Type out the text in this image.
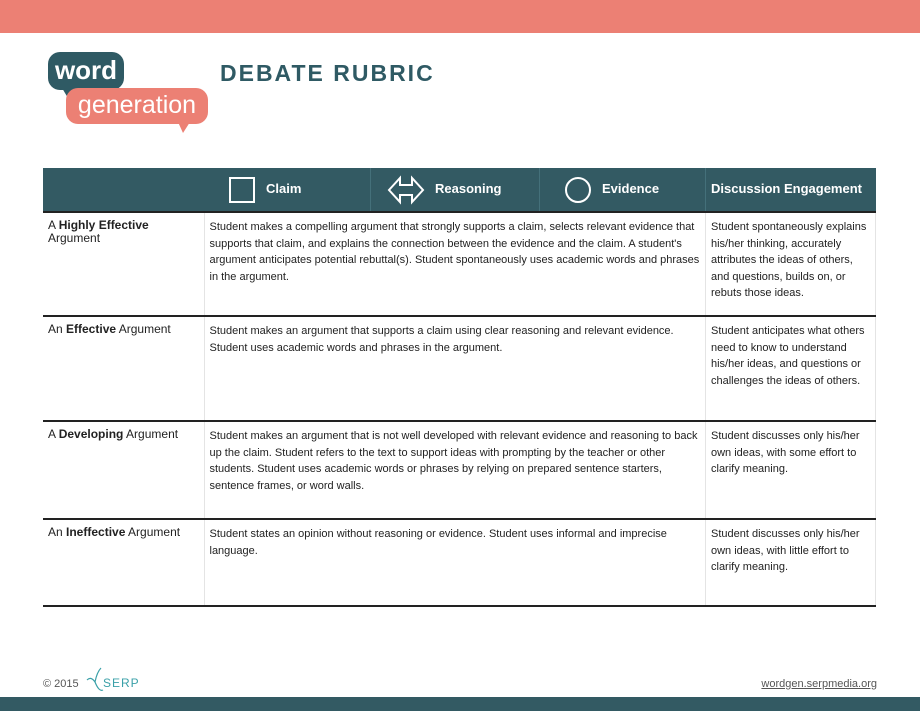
word
generation
DEBATE RUBRIC

	Claim Reasoning Evidence	Discussion Engagement
A Highly Effective Argument	Student makes a compelling argument that strongly supports a claim, selects relevant evidence that supports that claim, and explains the connection between the evidence and the claim. A student's argument anticipates potential rebuttal(s). Student spontaneously uses academic words and phrases in the argument.	Student spontaneously explains his/her thinking, accurately attributes the ideas of others, and questions, builds on, or rebuts those ideas.
An Effective Argument	Student makes an argument that supports a claim using clear reasoning and relevant evidence. Student uses academic words and phrases in the argument.	Student anticipates what others need to know to understand his/her ideas, and questions or challenges the ideas of others.
A Developing Argument	Student makes an argument that is not well developed with relevant evidence and reasoning to back up the claim. Student refers to the text to support ideas with prompting by the teacher or other students. Student uses academic words or phrases by relying on prepared sentence starters, sentence frames, or word walls.	Student discusses only his/her own ideas, with some effort to clarify meaning.
An Ineffective Argument	Student states an opinion without reasoning or evidence. Student uses informal and imprecise language.	Student discusses only his/her own ideas, with little effort to clarify meaning.
© 2015	SERP	wordgen.serpmedia.org
